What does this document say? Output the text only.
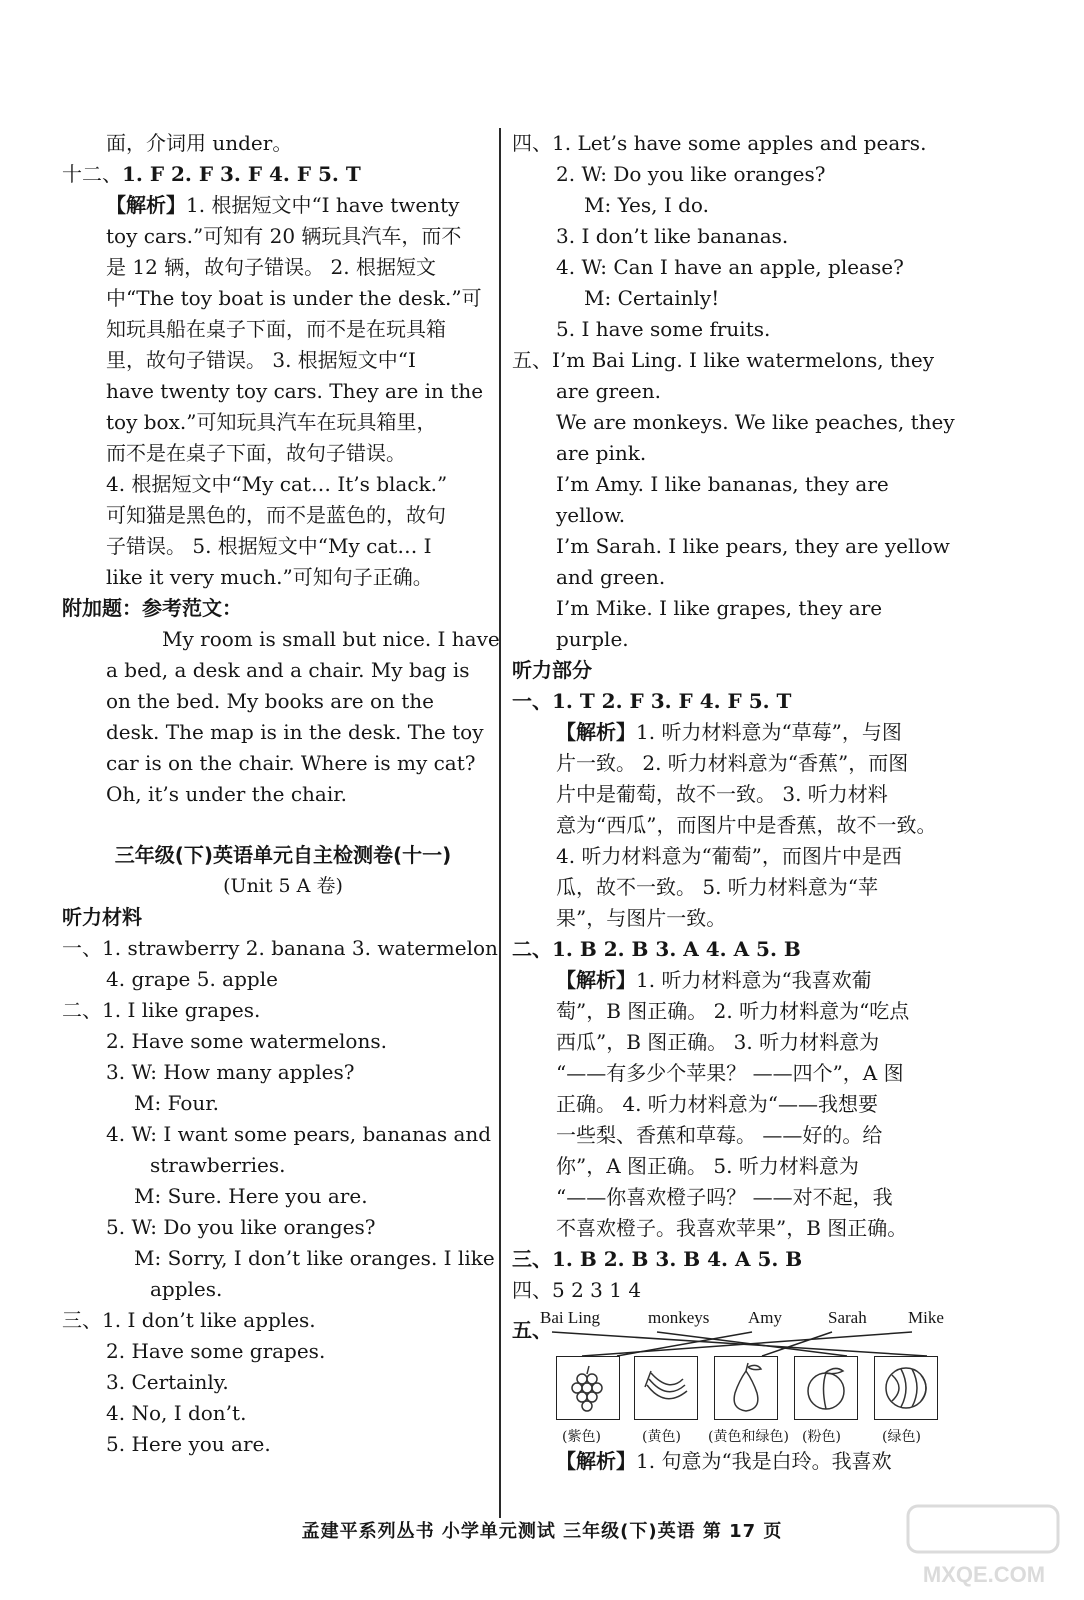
面，介词用 under。
十二、1. F 2. F 3. F 4. F 5. T
【解析】1. 根据短文中“I have twenty
toy cars.”可知有 20 辆玩具汽车，而不
是 12 辆，故句子错误。 2. 根据短文
中“The toy boat is under the desk.”可
知玩具船在桌子下面，而不是在玩具箱
里，故句子错误。 3. 根据短文中“I
have twenty toy cars. They are in the
toy box.”可知玩具汽车在玩具箱里，
而不是在桌子下面，故句子错误。
4. 根据短文中“My cat… It’s black.”
可知猫是黑色的，而不是蓝色的，故句
子错误。 5. 根据短文中“My cat… I
like it very much.”可知句子正确。
附加题：参考范文：
My room is small but nice. I have
a bed, a desk and a chair. My bag is
on the bed. My books are on the
desk. The map is in the desk. The toy
car is on the chair. Where is my cat?
Oh, it’s under the chair.
三年级(下)英语单元自主检测卷(十一)
(Unit 5 A 卷)
听力材料
一、1. strawberry 2. banana 3. watermelon
4. grape 5. apple
二、1. I like grapes.
2. Have some watermelons.
3. W: How many apples?
M: Four.
4. W: I want some pears, bananas and
strawberries.
M: Sure. Here you are.
5. W: Do you like oranges?
M: Sorry, I don’t like oranges. I like
apples.
三、1. I don’t like apples.
2. Have some grapes.
3. Certainly.
4. No, I don’t.
5. Here you are.
四、1. Let’s have some apples and pears.
2. W: Do you like oranges?
M: Yes, I do.
3. I don’t like bananas.
4. W: Can I have an apple, please?
M: Certainly!
5. I have some fruits.
五、I’m Bai Ling. I like watermelons, they
are green.
We are monkeys. We like peaches, they
are pink.
I’m Amy. I like bananas, they are
yellow.
I’m Sarah. I like pears, they are yellow
and green.
I’m Mike. I like grapes, they are
purple.
听力部分
一、1. T 2. F 3. F 4. F 5. T
【解析】1. 听力材料意为“草莓”，与图
片一致。 2. 听力材料意为“香蕉”，而图
片中是葡萄，故不一致。 3. 听力材料
意为“西瓜”，而图片中是香蕉，故不一致。
4. 听力材料意为“葡萄”，而图片中是西
瓜，故不一致。 5. 听力材料意为“苹
果”，与图片一致。
二、1. B 2. B 3. A 4. A 5. B
【解析】1. 听力材料意为“我喜欢葡
萄”，B 图正确。 2. 听力材料意为“吃点
西瓜”，B 图正确。 3. 听力材料意为
“——有多少个苹果？ ——四个”，A 图
正确。 4. 听力材料意为“——我想要
一些梨、香蕉和草莓。 ——好的。给
你”，A 图正确。 5. 听力材料意为
“——你喜欢橙子吗？ ——对不起，我
不喜欢橙子。我喜欢苹果”，B 图正确。
三、1. B 2. B 3. B 4. A 5. B
四、5 2 3 1 4
五、
Bai Ling	monkeys Amy	Sarah Mike
(紫色)	(黄色) (黄色和绿色) (粉色)	(绿色)
【解析】1. 句意为“我是白玲。我喜欢
孟建平系列丛书 小学单元测试 三年级(下)英语 第 17 页
MXQE.COM
